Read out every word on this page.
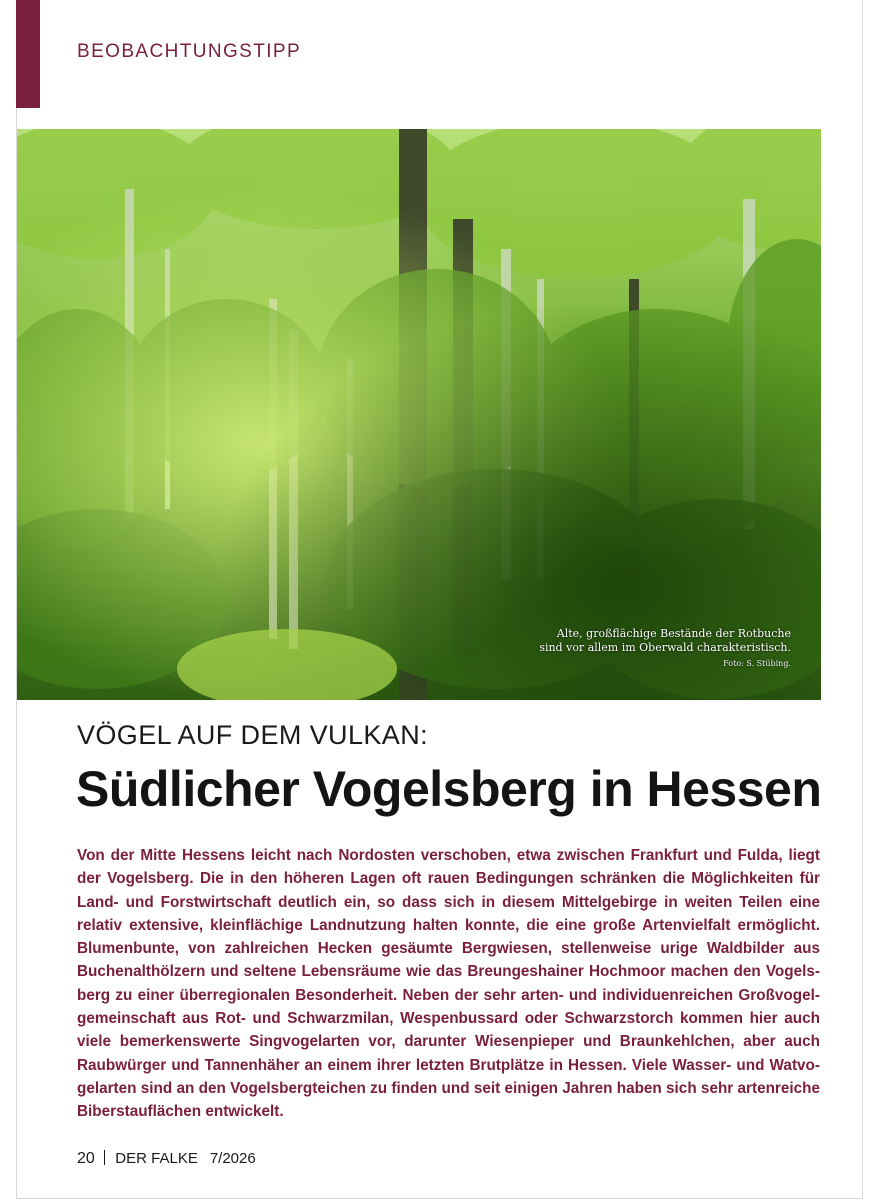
BEOBACHTUNGSTIPP
Alte, großflächige Bestände der Rotbuche
sind vor allem im Oberwald charakteristisch.
Foto: S. Stübing.
VÖGEL AUF DEM VULKAN:
Südlicher Vogelsberg in Hessen

Von der Mitte Hessens leicht nach Nordosten verschoben, etwa zwischen Frankfurt und Fulda, liegt der Vogelsberg. Die in den höheren Lagen oft rauen Bedingungen schränken die Möglichkeiten für Land- und Forstwirtschaft deutlich ein, so dass sich in diesem Mittelgebirge in weiten Teilen eine relativ extensive, kleinflächige Landnutzung halten konnte, die eine große Artenvielfalt ermöglicht. Blumenbunte, von zahlreichen Hecken gesäumte Bergwiesen, stellenweise urige Waldbilder aus Buchenalthölzern und seltene Lebensräume wie das Breungeshainer Hochmoor machen den Vogelsberg zu einer überregionalen Besonderheit. Neben der sehr arten- und individuenreichen Großvogelgemeinschaft aus Rot- und Schwarzmilan, Wespenbussard oder Schwarzstorch kommen hier auch viele bemerkenswerte Singvogelarten vor, darunter Wiesenpieper und Braunkehlchen, aber auch Raubwürger und Tannenhäher an einem ihrer letzten Brutplätze in Hessen. Viele Wasser- und Watvogelarten sind an den Vogelsbergteichen zu finden und seit einigen Jahren haben sich sehr artenreiche Biberstauflächen entwickelt.

20 DER FALKE 7/2026
